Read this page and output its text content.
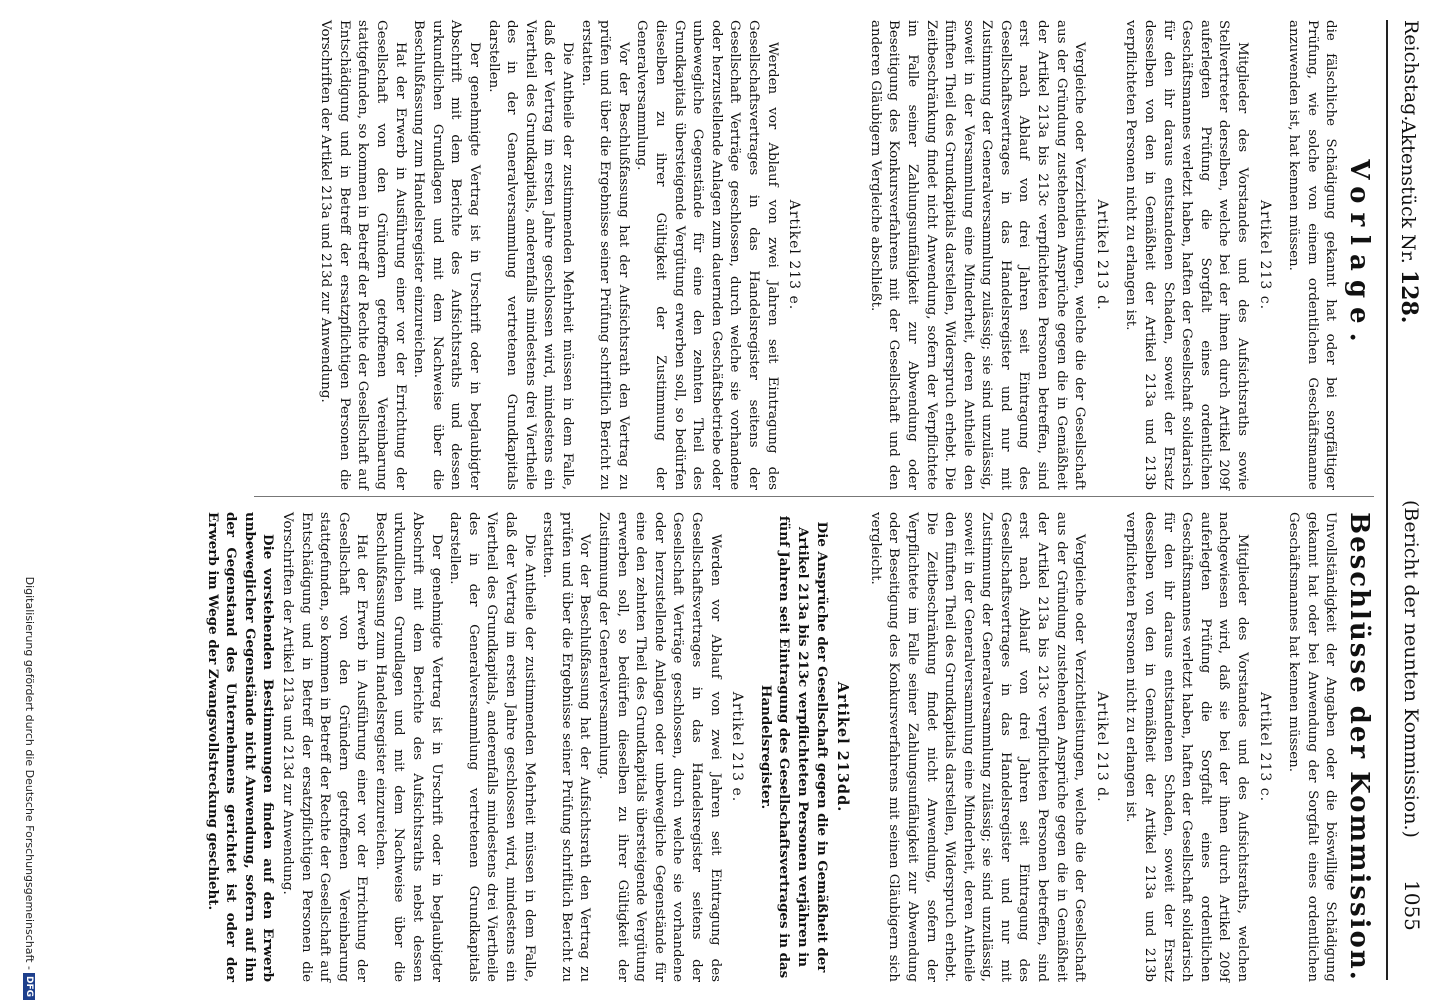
Reichstag.
Aktenstück Nr. 128.
(Bericht der neunten Kommission.)
1055
Vorlage.

die fälschliche Schädigung gekannt hat oder bei sorgfältiger Prüfung, wie solche von einem ordentlichen Geschäftsmanne anzuwenden ist, hat kennen müssen.

Artikel 213 c.

Mitglieder des Vorstandes und des Aufsichtsraths sowie Stellvertreter derselben, welche bei der ihnen durch Artikel 209f auferlegten Prüfung die Sorgfalt eines ordentlichen Geschäftsmannes verletzt haben, haften der Gesellschaft solidarisch für den ihr daraus entstandenen Schaden, soweit der Ersatz desselben von den in Gemäßheit der Artikel 213a und 213b verpflichteten Personen nicht zu erlangen ist.

Artikel 213 d.

Vergleiche oder Verzichtleistungen, welche die der Gesellschaft aus der Gründung zustehenden Ansprüche gegen die in Gemäßheit der Artikel 213a bis 213c verpflichteten Personen betreffen, sind erst nach Ablauf von drei Jahren seit Eintragung des Gesellschaftsvertrages in das Handelsregister und nur mit Zustimmung der Generalversammlung zulässig; sie sind unzulässig, soweit in der Versammlung eine Minderheit, deren Antheile den fünften Theil des Grundkapitals darstellen, Widerspruch erhebt. Die Zeitbeschränkung findet nicht Anwendung, sofern der Verpflichtete im Falle seiner Zahlungsunfähigkeit zur Abwendung oder Beseitigung des Konkursverfahrens mit der Gesellschaft und den anderen Gläubigern Vergleiche abschließt.

Artikel 213 e.

Werden vor Ablauf von zwei Jahren seit Eintragung des Gesellschaftsvertrages in das Handelsregister seitens der Gesellschaft Verträge geschlossen, durch welche sie vorhandene oder herzustellende Anlagen zum dauernden Geschäftsbetriebe oder unbewegliche Gegenstände für eine den zehnten Theil des Grundkapitals übersteigende Vergütung erwerben soll, so bedürfen dieselben zu ihrer Gültigkeit der Zustimmung der Generalversammlung.

Vor der Beschlußfassung hat der Aufsichtsrath den Vertrag zu prüfen und über die Ergebnisse seiner Prüfung schriftlich Bericht zu erstatten.

Die Antheile der zustimmenden Mehrheit müssen in dem Falle, daß der Vertrag im ersten Jahre geschlossen wird, mindestens ein Viertheil des Grundkapitals, anderenfalls mindestens drei Viertheile des in der Generalversammlung vertretenen Grundkapitals darstellen.

Der genehmigte Vertrag ist in Urschrift oder in beglaubigter Abschrift mit dem Berichte des Aufsichtsraths und dessen urkundlichen Grundlagen und mit dem Nachweise über die Beschlußfassung zum Handelsregister einzureichen.

Hat der Erwerb in Ausführung einer vor der Errichtung der Gesellschaft von den Gründern getroffenen Vereinbarung stattgefunden, so kommen in Betreff der Rechte der Gesellschaft auf Entschädigung und in Betreff der ersatzpflichtigen Personen die Vorschriften der Artikel 213a und 213d zur Anwendung.

Beschlüsse der Kommission.

Unvollständigkeit der Angaben oder die böswillige Schädigung gekannt hat oder bei Anwendung der Sorgfalt eines ordentlichen Geschäftsmannes hat kennen müssen.

Artikel 213 c.

Mitglieder des Vorstandes und des Aufsichtsraths, welchen nachgewiesen wird, daß sie bei der ihnen durch Artikel 209f auferlegten Prüfung die Sorgfalt eines ordentlichen Geschäftsmannes verletzt haben, haften der Gesellschaft solidarisch für den ihr daraus entstandenen Schaden, soweit der Ersatz desselben von den in Gemäßheit der Artikel 213a und 213b verpflichteten Personen nicht zu erlangen ist.

Artikel 213 d.

Vergleiche oder Verzichtleistungen, welche die der Gesellschaft aus der Gründung zustehenden Ansprüche gegen die in Gemäßheit der Artikel 213a bis 213c verpflichteten Personen betreffen, sind erst nach Ablauf von drei Jahren seit Eintragung des Gesellschaftsvertrages in das Handelsregister und nur mit Zustimmung der Generalversammlung zulässig; sie sind unzulässig, soweit in der Generalversammlung eine Minderheit, deren Antheile den fünften Theil des Grundkapitals darstellen, Widerspruch erhebt. Die Zeitbeschränkung findet nicht Anwendung, sofern der Verpflichtete im Falle seiner Zahlungsunfähigkeit zur Abwendung oder Beseitigung des Konkursverfahrens mit seinen Gläubigern sich vergleicht.

Artikel 213dd.
Die Ansprüche der Gesellschaft gegen die in Gemäßheit der Artikel 213a bis 213c verpflichteten Personen verjähren in fünf Jahren seit Eintragung des Gesellschaftsvertrages in das Handelsregister.
Artikel 213 e.

Werden vor Ablauf von zwei Jahren seit Eintragung des Gesellschaftsvertrages in das Handelsregister seitens der Gesellschaft Verträge geschlossen, durch welche sie vorhandene oder herzustellende Anlagen oder unbewegliche Gegenstände für eine den zehnten Theil des Grundkapitals übersteigende Vergütung erwerben soll, so bedürfen dieselben zu ihrer Gültigkeit der Zustimmung der Generalversammlung.

Vor der Beschlußfassung hat der Aufsichtsrath den Vertrag zu prüfen und über die Ergebnisse seiner Prüfung schriftlich Bericht zu erstatten.

Die Antheile der zustimmenden Mehrheit müssen in dem Falle, daß der Vertrag im ersten Jahre geschlossen wird, mindestens ein Viertheil des Grundkapitals, anderenfalls mindestens drei Viertheile des in der Generalversammlung vertretenen Grundkapitals darstellen.

Der genehmigte Vertrag ist in Urschrift oder in beglaubigter Abschrift mit dem Berichte des Aufsichtsraths nebst dessen urkundlichen Grundlagen und mit dem Nachweise über die Beschlußfassung zum Handelsregister einzureichen.

Hat der Erwerb in Ausführung einer vor der Errichtung der Gesellschaft von den Gründern getroffenen Vereinbarung stattgefunden, so kommen in Betreff der Rechte der Gesellschaft auf Entschädigung und in Betreff der ersatzpflichtigen Personen die Vorschriften der Artikel 213a und 213d zur Anwendung.

Die vorstehenden Bestimmungen finden auf den Erwerb unbeweglicher Gegenstände nicht Anwendung, sofern auf ihn der Gegenstand des Unternehmens gerichtet ist oder der Erwerb im Wege der Zwangsvollstreckung geschieht.

Digitalisierung gefördert durch die Deutsche Forschungsgemeinschaft -DFG
